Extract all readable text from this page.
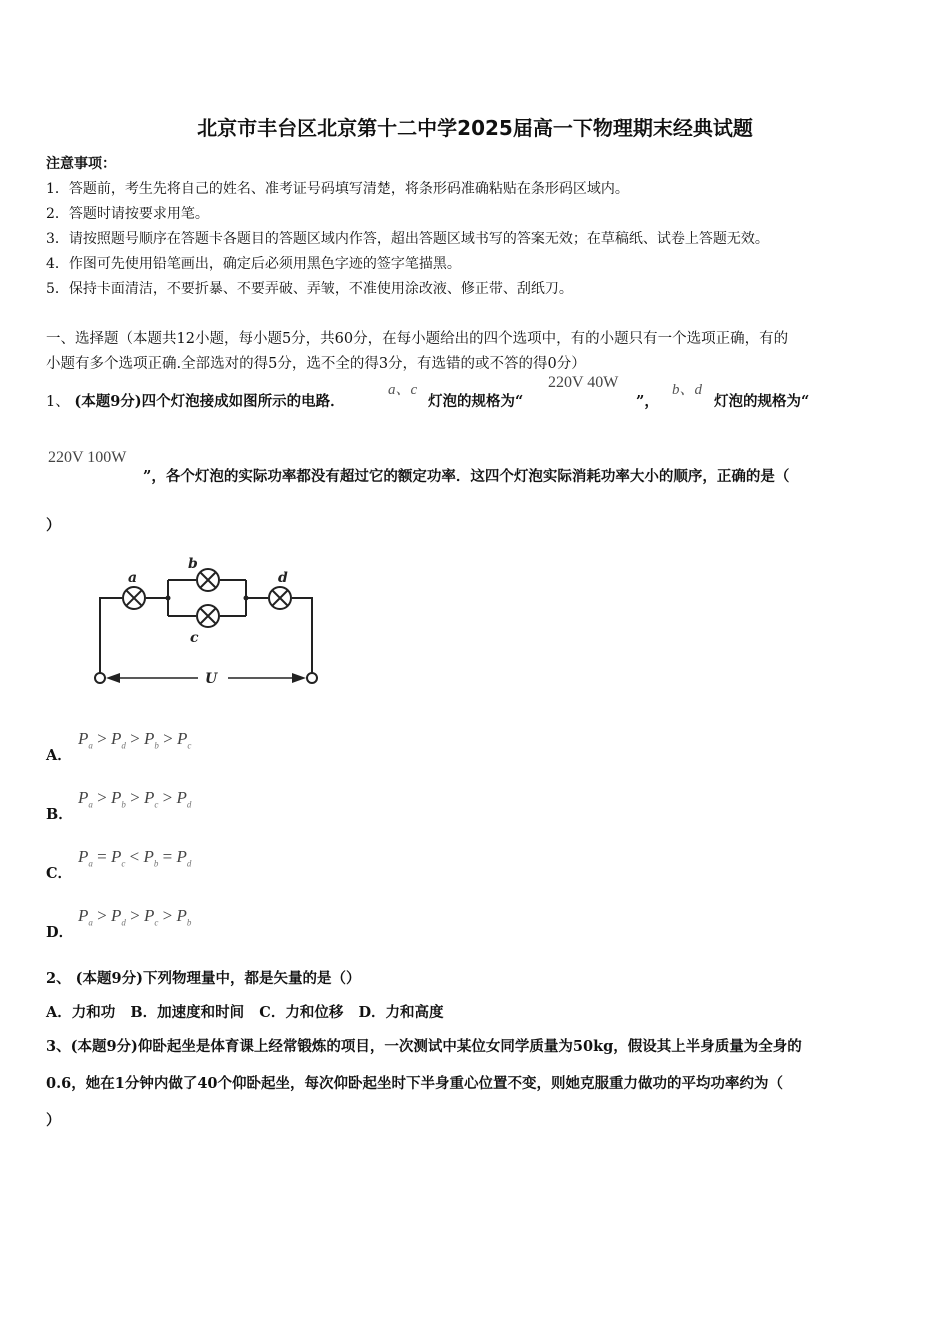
北京市丰台区北京第十二中学2025届高一下物理期末经典试题
注意事项：
1．答题前，考生先将自己的姓名、准考证号码填写清楚，将条形码准确粘贴在条形码区域内。
2．答题时请按要求用笔。
3．请按照题号顺序在答题卡各题目的答题区域内作答，超出答题区域书写的答案无效；在草稿纸、试卷上答题无效。
4．作图可先使用铅笔画出，确定后必须用黑色字迹的签字笔描黑。
5．保持卡面清洁，不要折暴、不要弄破、弄皱，不准使用涂改液、修正带、刮纸刀。
一、选择题（本题共12小题，每小题5分，共60分，在每小题给出的四个选项中，有的小题只有一个选项正确，有的
小题有多个选项正确.全部选对的得5分，选不全的得3分，有选错的或不答的得0分）
1、 (本题9分)四个灯泡接成如图所示的电路．
a、c
灯泡的规格为“
220V 40W
”，
b、d
灯泡的规格为“
220V 100W
”，各个灯泡的实际功率都没有超过它的额定功率．这四个灯泡实际消耗功率大小的顺序，正确的是（
）
a
b
c
d
U
A．
$P_a > P_d > P_b > P_c$
B．
$P_a > P_b > P_c > P_d$
C．
$P_a = P_c < P_b = P_d$
D．
$P_a > P_d > P_c > P_b$
2、 (本题9分)下列物理量中，都是矢量的是（）
A．力和功   B．加速度和时间   C．力和位移   D．力和高度
3、(本题9分)仰卧起坐是体育课上经常锻炼的项目，一次测试中某位女同学质量为50kg，假设其上半身质量为全身的
0.6，她在1分钟内做了40个仰卧起坐，每次仰卧起坐时下半身重心位置不变，则她克服重力做功的平均功率约为（
）
